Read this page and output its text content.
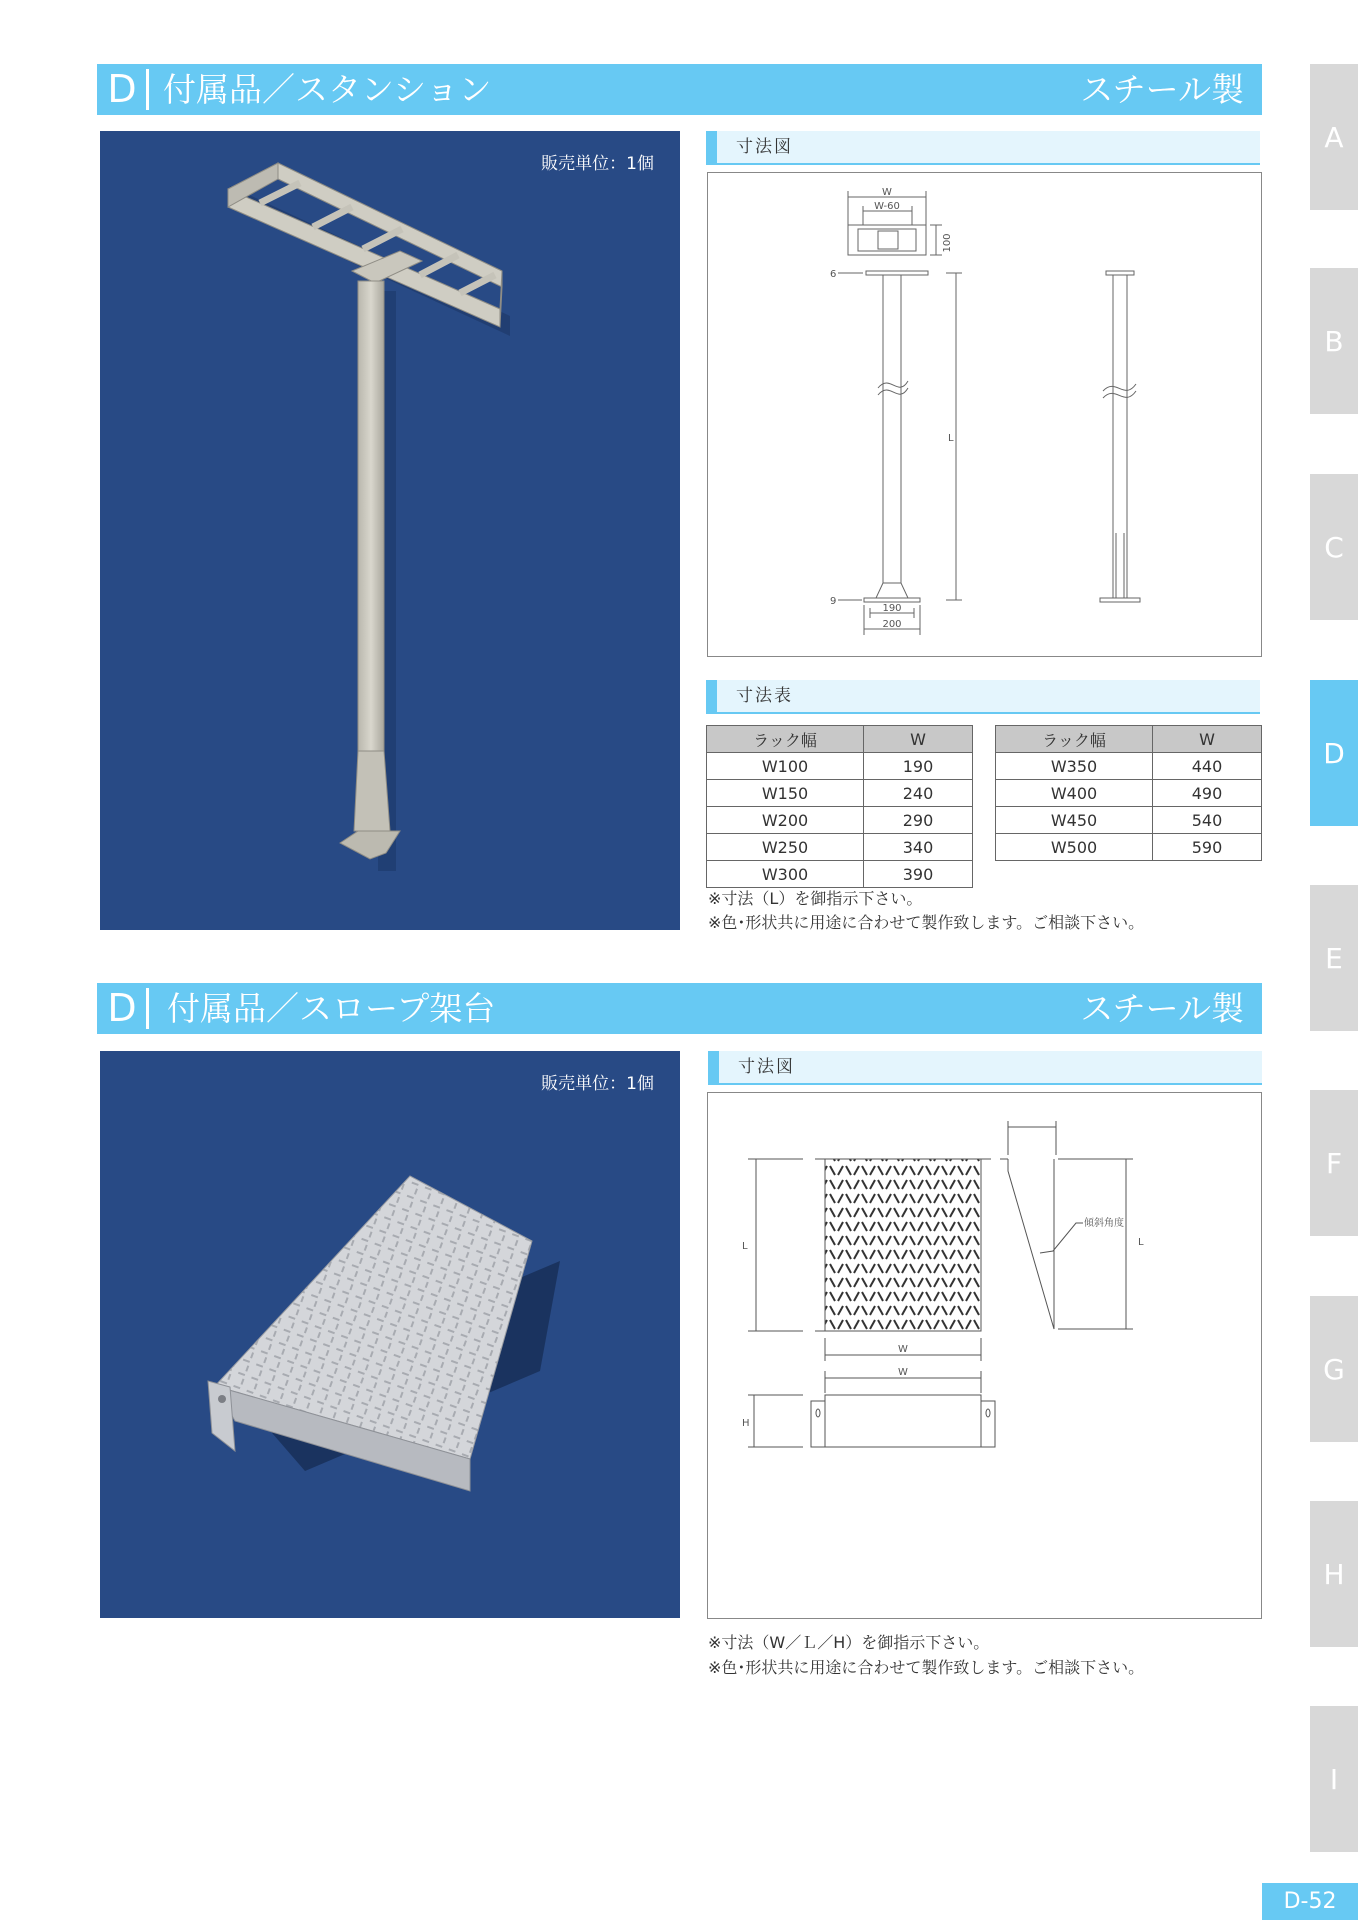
D 付属品／スタンション	スチール製
販売単位：1個
寸法図
W
W-60
100
6
L
9
190
200
寸法表
ラック幅	W
W100	190
W150	240
W200	290
W250	340
W300	390
ラック幅	W
W350	440
W400	490
W450	540
W500	590
※寸法（L）を御指示下さい。
※色･形状共に用途に合わせて製作致します。ご相談下さい。
D 付属品／スロープ架台	スチール製
販売単位：1個
寸法図
L	L
W
W
H
傾斜角度
※寸法（W／Ｌ／H）を御指示下さい。
※色･形状共に用途に合わせて製作致します。ご相談下さい。
A
B
C
D
E
F
G
H
I
D-52
